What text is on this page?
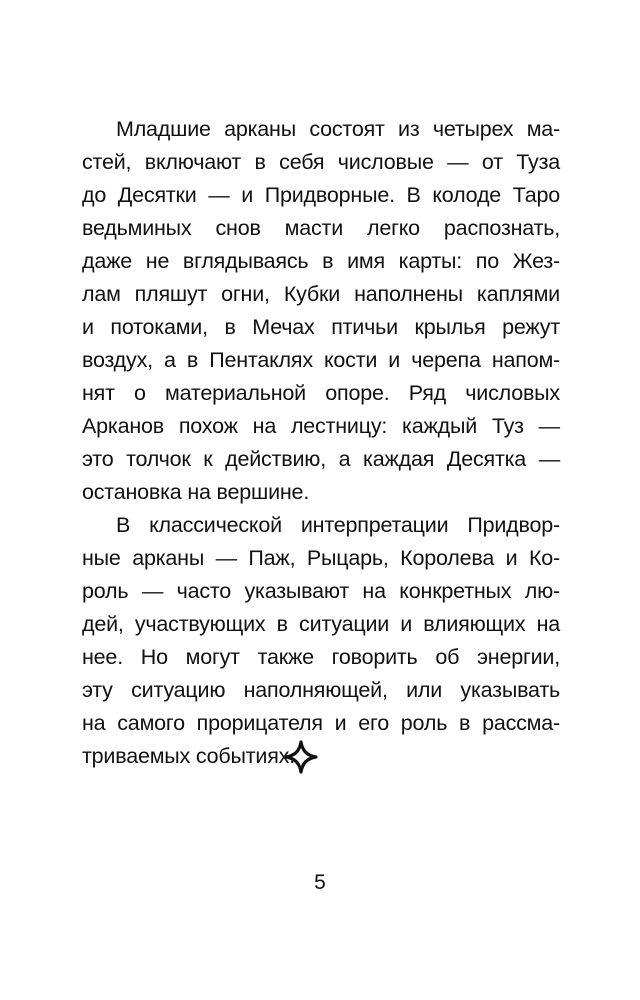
Младшие арканы состоят из четырех ма-
стей, включают в себя числовые — от Туза
до Десятки — и Придворные. В колоде Таро
ведьминых снов масти легко распознать,
даже не вглядываясь в имя карты: по Жез-
лам пляшут огни, Кубки наполнены каплями
и потоками, в Мечах птичьи крылья режут
воздух, а в Пентаклях кости и черепа напом-
нят о материальной опоре. Ряд числовых
Арканов похож на лестницу: каждый Туз —
это толчок к действию, а каждая Десятка —
остановка на вершине.
В классической интерпретации Придвор-
ные арканы — Паж, Рыцарь, Королева и Ко-
роль — часто указывают на конкретных лю-
дей, участвующих в ситуации и влияющих на
нее. Но могут также говорить об энергии,
эту ситуацию наполняющей, или указывать
на самого прорицателя и его роль в рассма-
триваемых событиях.
5
